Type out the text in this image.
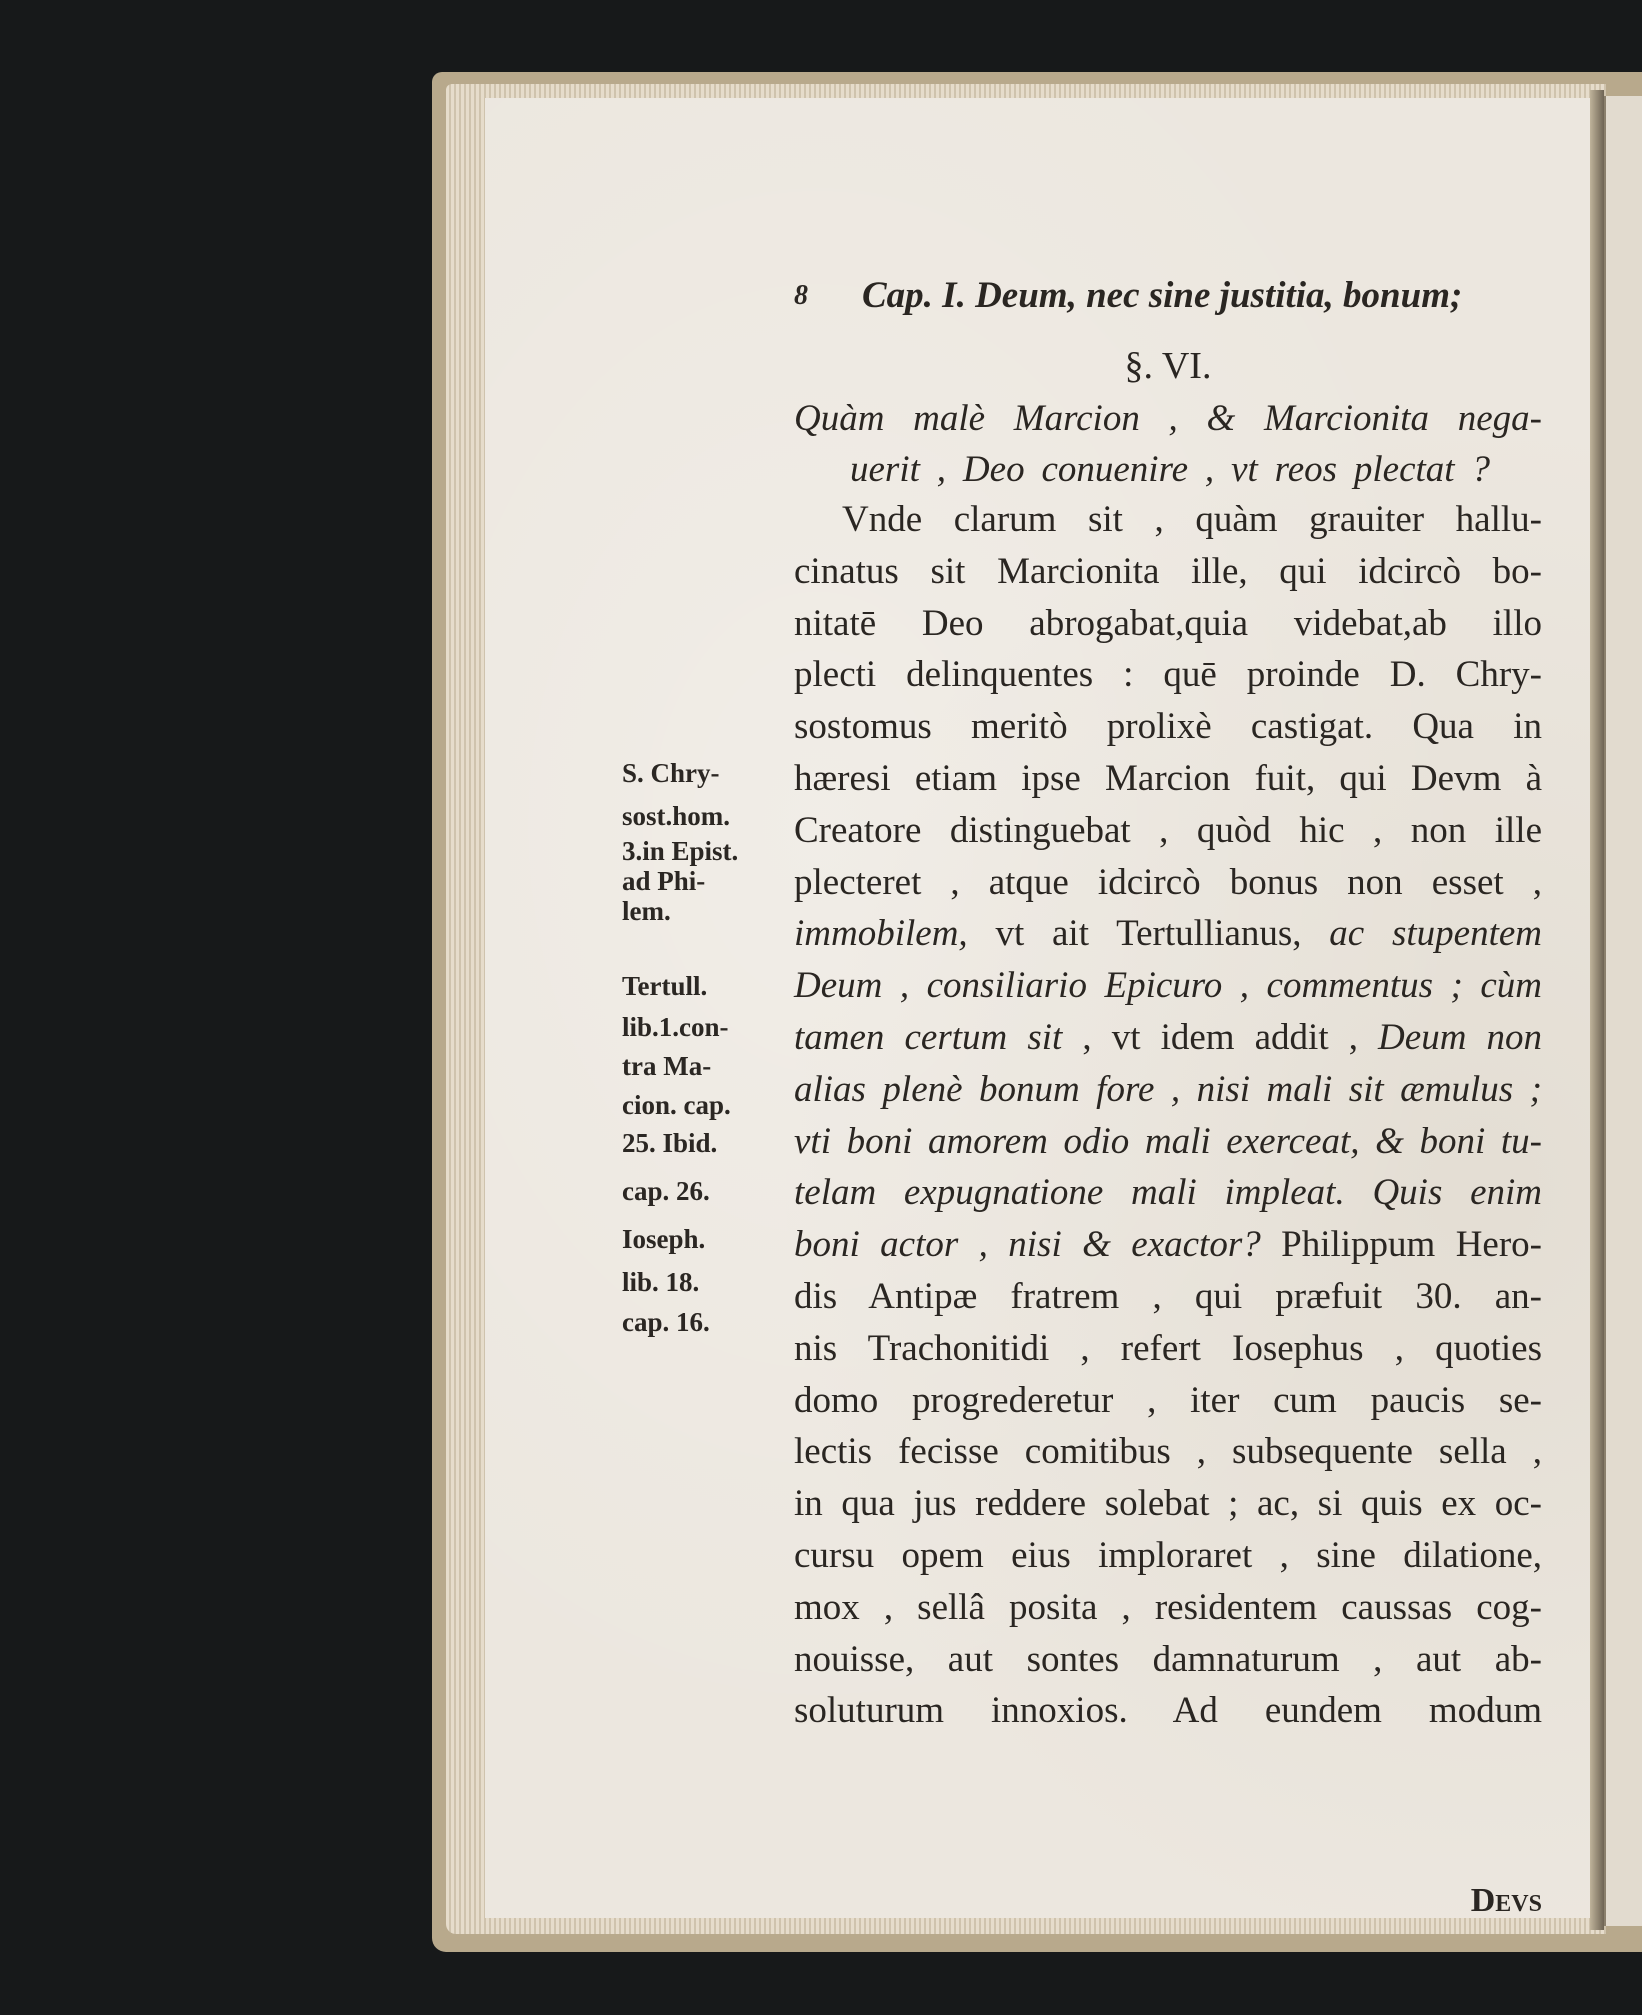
8 Cap. I. Deum, nec sine justitia, bonum;
§. VI.
Quàm malè Marcion , & Marcionita nega-
uerit , Deo conuenire , vt reos plectat ?
Vnde clarum sit , quàm grauiter hallu-
cinatus sit Marcionita ille, qui idcircò bo-
nitatē Deo abrogabat,quia videbat,ab illo
plecti delinquentes : quē proinde D. Chry-
sostomus meritò prolixè castigat. Qua in
hæresi etiam ipse Marcion fuit, qui Devm à
Creatore distinguebat , quòd hic , non ille
plecteret , atque idcircò bonus non esset ,
immobilem, vt ait Tertullianus, ac stupentem
Deum , consiliario Epicuro , commentus ; cùm
tamen certum sit , vt idem addit , Deum non
alias plenè bonum fore , nisi mali sit æmulus ;
vti boni amorem odio mali exerceat, & boni tu-
telam expugnatione mali impleat. Quis enim
boni actor , nisi & exactor? Philippum Hero-
dis Antipæ fratrem , qui præfuit 30. an-
nis Trachonitidi , refert Iosephus , quoties
domo progrederetur , iter cum paucis se-
lectis fecisse comitibus , subsequente sella ,
in qua jus reddere solebat ; ac, si quis ex oc-
cursu opem eius imploraret , sine dilatione,
mox , sellâ posita , residentem caussas cog-
nouisse, aut sontes damnaturum , aut ab-
soluturum innoxios. Ad eundem modum
S. Chry-
sost.hom.
3.in Epist.
ad Phi-
lem.
Tertull.
lib.1.con-
tra Ma-
cion. cap.
25. Ibid.
cap. 26.
Ioseph.
lib. 18.
cap. 16.
Devs
